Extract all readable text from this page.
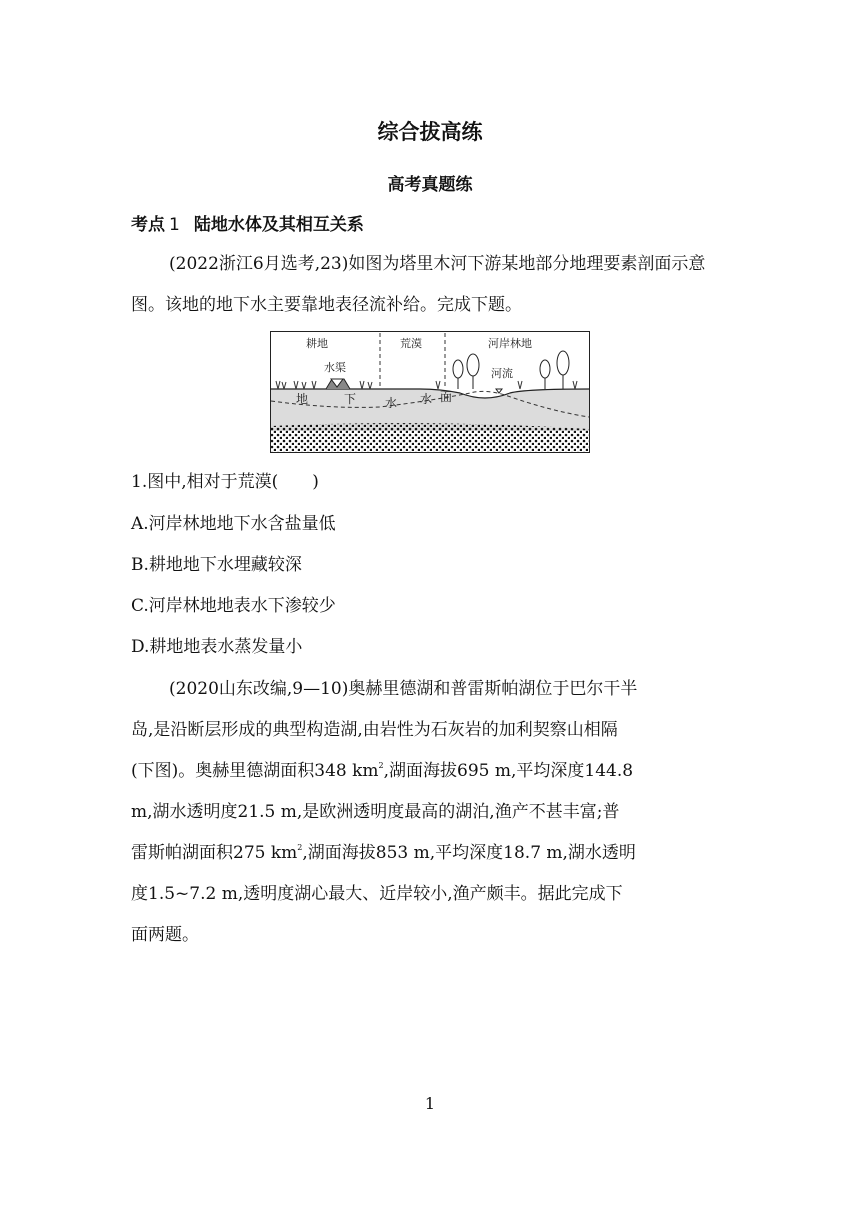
综合拔高练
高考真题练
考点 1 陆地水体及其相互关系

(2022浙江6月选考,23)如图为塔里木河下游某地部分地理要素剖面示意图。该地的地下水主要靠地表径流补给。完成下题。

耕地
水渠
荒漠	河岸林地
河流
地	下 水 水 面
1.图中,相对于荒漠(　　)
A.河岸林地地下水含盐量低
B.耕地地下水埋藏较深
C.河岸林地地表水下渗较少
D.耕地地表水蒸发量小
(2020山东改编,9—10)奥赫里德湖和普雷斯帕湖位于巴尔干半
岛,是沿断层形成的典型构造湖,由岩性为石灰岩的加利契察山相隔
(下图)。奥赫里德湖面积348 $km^2$,湖面海拔695 m,平均深度144.8
m,湖水透明度21.5 m,是欧洲透明度最高的湖泊,渔产不甚丰富;普
雷斯帕湖面积275 $km^2$,湖面海拔853 m,平均深度18.7 m,湖水透明
度1.5~7.2 m,透明度湖心最大、近岸较小,渔产颇丰。据此完成下
面两题。
1
